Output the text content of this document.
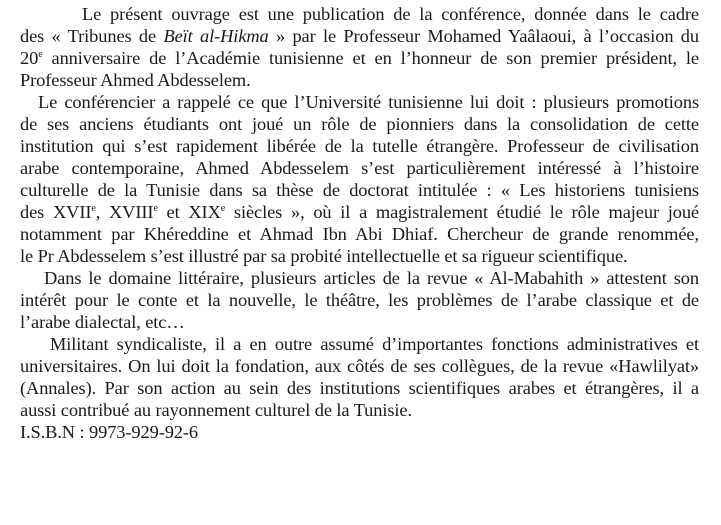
Le présent ouvrage est une publication de la conférence, donnée dans le cadre
des « Tribunes de Beït al-Hikma » par le Professeur Mohamed Yaâlaoui, à l’occasion du
20e anniversaire de l’Académie tunisienne et en l’honneur de son premier président, le
Professeur Ahmed Abdesselem.
Le conférencier a rappelé ce que l’Université tunisienne lui doit : plusieurs promotions
de ses anciens étudiants ont joué un rôle de pionniers dans la consolidation de cette
institution qui s’est rapidement libérée de la tutelle étrangère. Professeur de civilisation
arabe contemporaine, Ahmed Abdesselem s’est particulièrement intéressé à l’histoire
culturelle de la Tunisie dans sa thèse de doctorat intitulée : « Les historiens tunisiens
des XVIIe, XVIIIe et XIXe siècles », où il a magistralement étudié le rôle majeur joué
notamment par Khéreddine et Ahmad Ibn Abi Dhiaf. Chercheur de grande renommée,
le Pr Abdesselem s’est illustré par sa probité intellectuelle et sa rigueur scientifique.
Dans le domaine littéraire, plusieurs articles de la revue « Al-Mabahith » attestent son
intérêt pour le conte et la nouvelle, le théâtre, les problèmes de l’arabe classique et de
l’arabe dialectal, etc…
Militant syndicaliste, il a en outre assumé d’importantes fonctions administratives et
universitaires. On lui doit la fondation, aux côtés de ses collègues, de la revue «Hawlilyat»
(Annales). Par son action au sein des institutions scientifiques arabes et étrangères, il a
aussi contribué au rayonnement culturel de la Tunisie.
I.S.B.N : 9973-929-92-6
